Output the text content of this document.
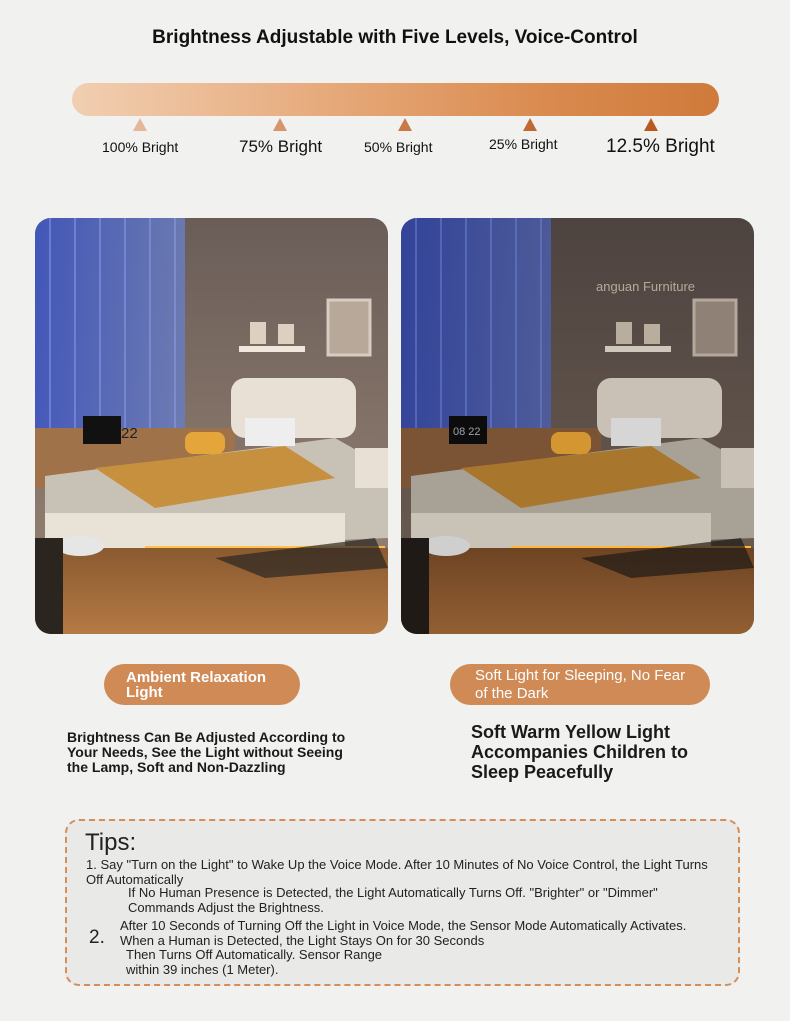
Brightness Adjustable with Five Levels, Voice-Control
100% Bright	75% Bright	50% Bright	25% Bright	12.5% Bright
22	08 22
anguan Furniture
Ambient Relaxation Light
Soft Light for Sleeping, No Fear of the Dark
Brightness Can Be Adjusted According to Your Needs, See the Light without Seeing the Lamp, Soft and Non-Dazzling
Soft Warm Yellow Light Accompanies Children to Sleep Peacefully
Tips:
1. Say "Turn on the Light" to Wake Up the Voice Mode. After 10 Minutes of No Voice Control, the Light Turns Off Automatically
If No Human Presence is Detected, the Light Automatically Turns Off. "Brighter" or "Dimmer" Commands Adjust the Brightness.
2.
After 10 Seconds of Turning Off the Light in Voice Mode, the Sensor Mode Automatically Activates. When a Human is Detected, the Light Stays On for 30 Seconds
Then Turns Off Automatically. Sensor Range within 39 inches (1 Meter).
